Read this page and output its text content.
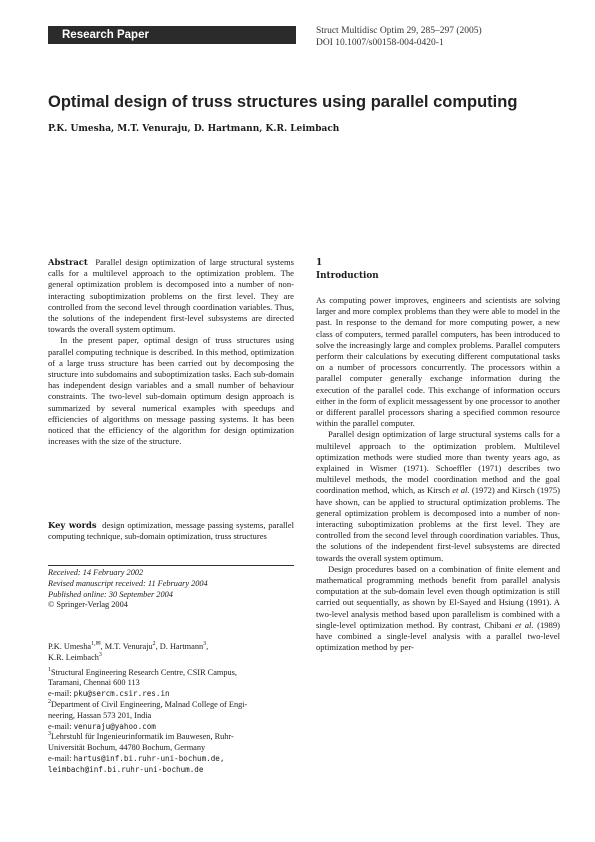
Research Paper	Struct Multidisc Optim 29, 285–297 (2005)
DOI 10.1007/s00158-004-0420-1
Optimal design of truss structures using parallel computing
P.K. Umesha, M.T. Venuraju, D. Hartmann, K.R. Leimbach

Abstract Parallel design optimization of large structural systems calls for a multilevel approach to the optimization problem. The general optimization problem is decomposed into a number of non-interacting suboptimization problems on the first level. They are controlled from the second level through coordination variables. Thus, the solutions of the independent first-level subsystems are directed towards the overall system optimum.

In the present paper, optimal design of truss structures using parallel computing technique is described. In this method, optimization of a large truss structure has been carried out by decomposing the structure into subdomains and suboptimization tasks. Each sub-domain has independent design variables and a small number of behaviour constraints. The two-level sub-domain optimum design approach is summarized by several numerical examples with speedups and efficiencies of algorithms on message passing systems. It has been noticed that the efficiency of the algorithm for design optimization increases with the size of the structure.

Key words design optimization, message passing systems, parallel computing technique, sub-domain optimization, truss structures

Received: 14 February 2002
Revised manuscript received: 11 February 2004
Published online: 30 September 2004
© Springer-Verlag 2004
P.K. Umesha$^{1,✉}$, M.T. Venuraju$^2$, D. Hartmann$^3$,
K.R. Leimbach$^3$
$^1$Structural Engineering Research Centre, CSIR Campus,
Taramani, Chennai 600 113
e-mail: pku@sercm.csir.res.in
$^2$Department of Civil Engineering, Malnad College of Engi-
neering, Hassan 573 201, India
e-mail: venuraju@yahoo.com
$^3$Lehrstuhl für Ingenieurinformatik im Bauwesen, Ruhr-
Universität Bochum, 44780 Bochum, Germany
e-mail: hartus@inf.bi.ruhr-uni-bochum.de,
leimbach@inf.bi.ruhr-uni-bochum.de
1
Introduction

As computing power improves, engineers and scientists are solving larger and more complex problems than they were able to model in the past. In response to the demand for more computing power, a new class of computers, termed parallel computers, has been introduced to solve the increasingly large and complex problems. Parallel computers perform their calculations by executing different computational tasks on a number of processors concurrently. The processors within a parallel computer generally exchange information during the execution of the parallel code. This exchange of information occurs either in the form of explicit messagessent by one processor to another or different parallel processors sharing a specified common resource within the parallel computer.

Parallel design optimization of large structural systems calls for a multilevel approach to the optimization problem. Multilevel optimization methods were studied more than twenty years ago, as explained in Wismer (1971). Schoeffler (1971) describes two multilevel methods, the model coordination method and the goal coordination method, which, as Kirsch et al. (1972) and Kirsch (1975) have shown, can be applied to structural optimization problems. The general optimization problem is decomposed into a number of non-interacting suboptimization problems at the first level. They are controlled from the second level through coordination variables. Thus, the solutions of the independent first-level subsystems are directed towards the overall system optimum.

Design procedures based on a combination of finite element and mathematical programming methods benefit from parallel analysis computation at the sub-domain level even though optimization is still carried out sequentially, as shown by El-Sayed and Hsiung (1991). A two-level analysis method based upon parallelism is combined with a single-level optimization method. By contrast, Chibani et al. (1989) have combined a single-level analysis with a parallel two-level optimization method by per-
